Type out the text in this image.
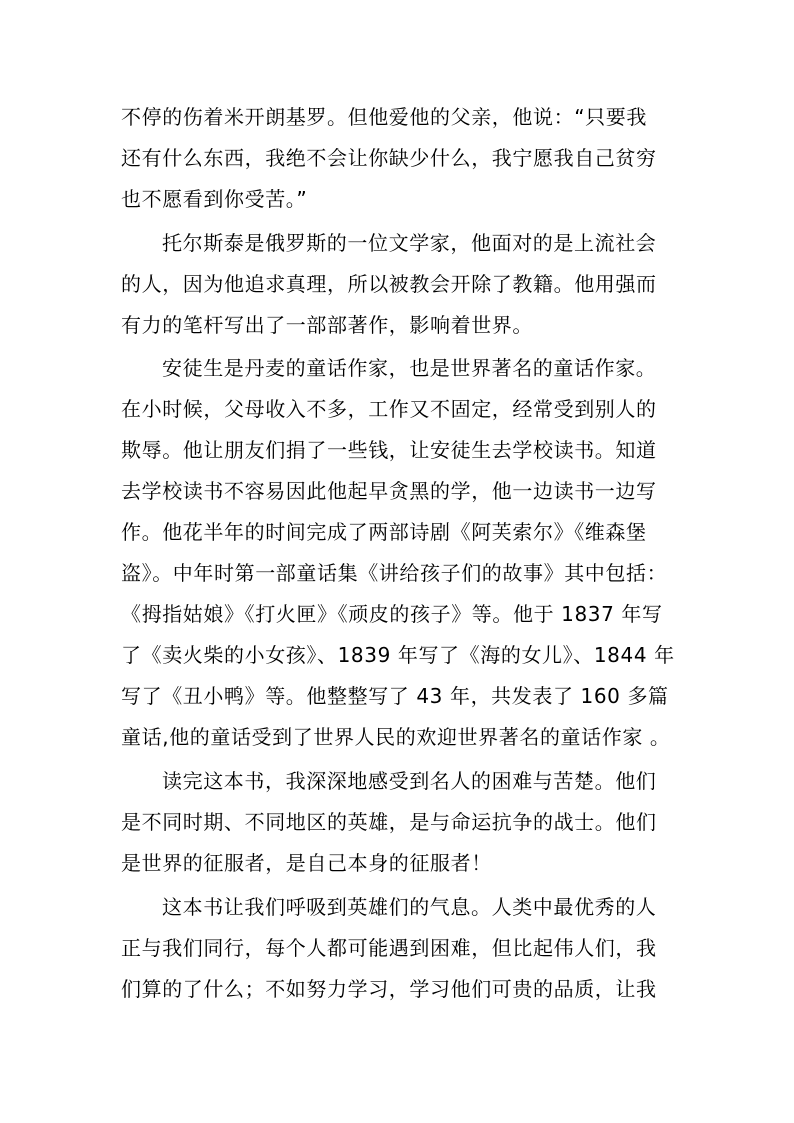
不停的伤着米开朗基罗。但他爱他的父亲，他说：“只要我
还有什么东西，我绝不会让你缺少什么，我宁愿我自己贫穷
也不愿看到你受苦。”
托尔斯泰是俄罗斯的一位文学家，他面对的是上流社会
的人，因为他追求真理，所以被教会开除了教籍。他用强而
有力的笔杆写出了一部部著作，影响着世界。
安徒生是丹麦的童话作家，也是世界著名的童话作家。
在小时候，父母收入不多，工作又不固定，经常受到别人的
欺辱。他让朋友们捐了一些钱，让安徒生去学校读书。知道
去学校读书不容易因此他起早贪黑的学，他一边读书一边写
作。他花半年的时间完成了两部诗剧《阿芙索尔》《维森堡
盗》。中年时第一部童话集《讲给孩子们的故事》其中包括：
《拇指姑娘》《打火匣》《顽皮的孩子》等。他于 1837 年写
了《卖火柴的小女孩》、1839 年写了《海的女儿》、1844 年
写了《丑小鸭》等。他整整写了 43 年，共发表了 160 多篇
童话,他的童话受到了世界人民的欢迎世界著名的童话作家 。
读完这本书，我深深地感受到名人的困难与苦楚。他们
是不同时期、不同地区的英雄，是与命运抗争的战士。他们
是世界的征服者，是自己本身的征服者！
这本书让我们呼吸到英雄们的气息。人类中最优秀的人
正与我们同行，每个人都可能遇到困难，但比起伟人们，我
们算的了什么；不如努力学习，学习他们可贵的品质，让我
